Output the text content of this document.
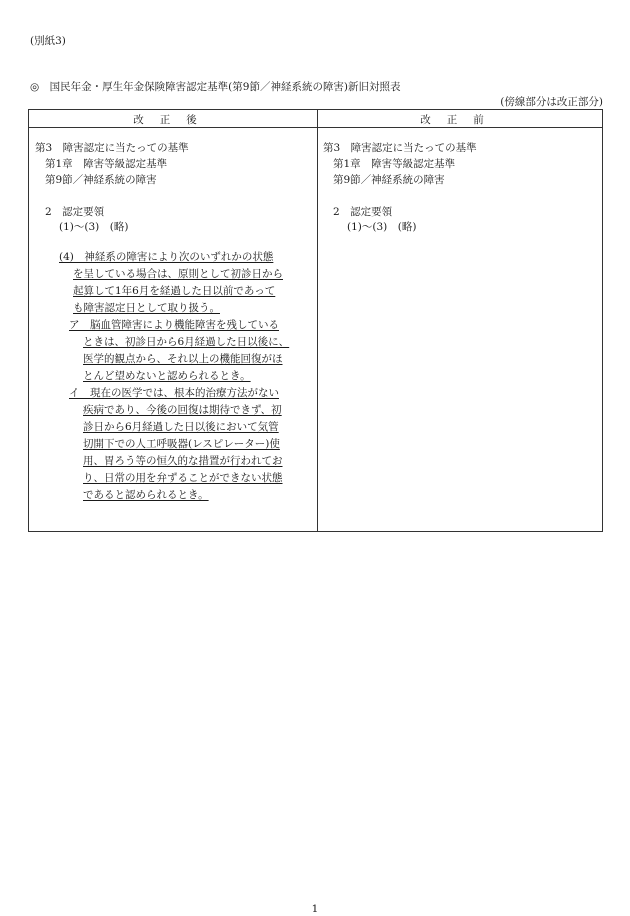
(別紙3)
◎　国民年金・厚生年金保険障害認定基準(第9節／神経系統の障害)新旧対照表
(傍線部分は改正部分)
改正後	改正前
第3　障害認定に当たっての基準
第1章　障害等級認定基準
第9節／神経系統の障害
2　認定要領
(1)～(3)　(略)
(4)　神経系の障害により次のいずれかの状態
を呈している場合は、原則として初診日から
起算して1年6月を経過した日以前であって
も障害認定日として取り扱う。
ア　脳血管障害により機能障害を残している
ときは、初診日から6月経過した日以後に、
医学的観点から、それ以上の機能回復がほ
とんど望めないと認められるとき。
イ　現在の医学では、根本的治療方法がない
疾病であり、今後の回復は期待できず、初
診日から6月経過した日以後において気管
切開下での人工呼吸器(レスピレーター)使
用、胃ろう等の恒久的な措置が行われてお
り、日常の用を弁ずることができない状態
であると認められるとき。
第3　障害認定に当たっての基準
第1章　障害等級認定基準
第9節／神経系統の障害
2　認定要領
(1)～(3)　(略)
1
